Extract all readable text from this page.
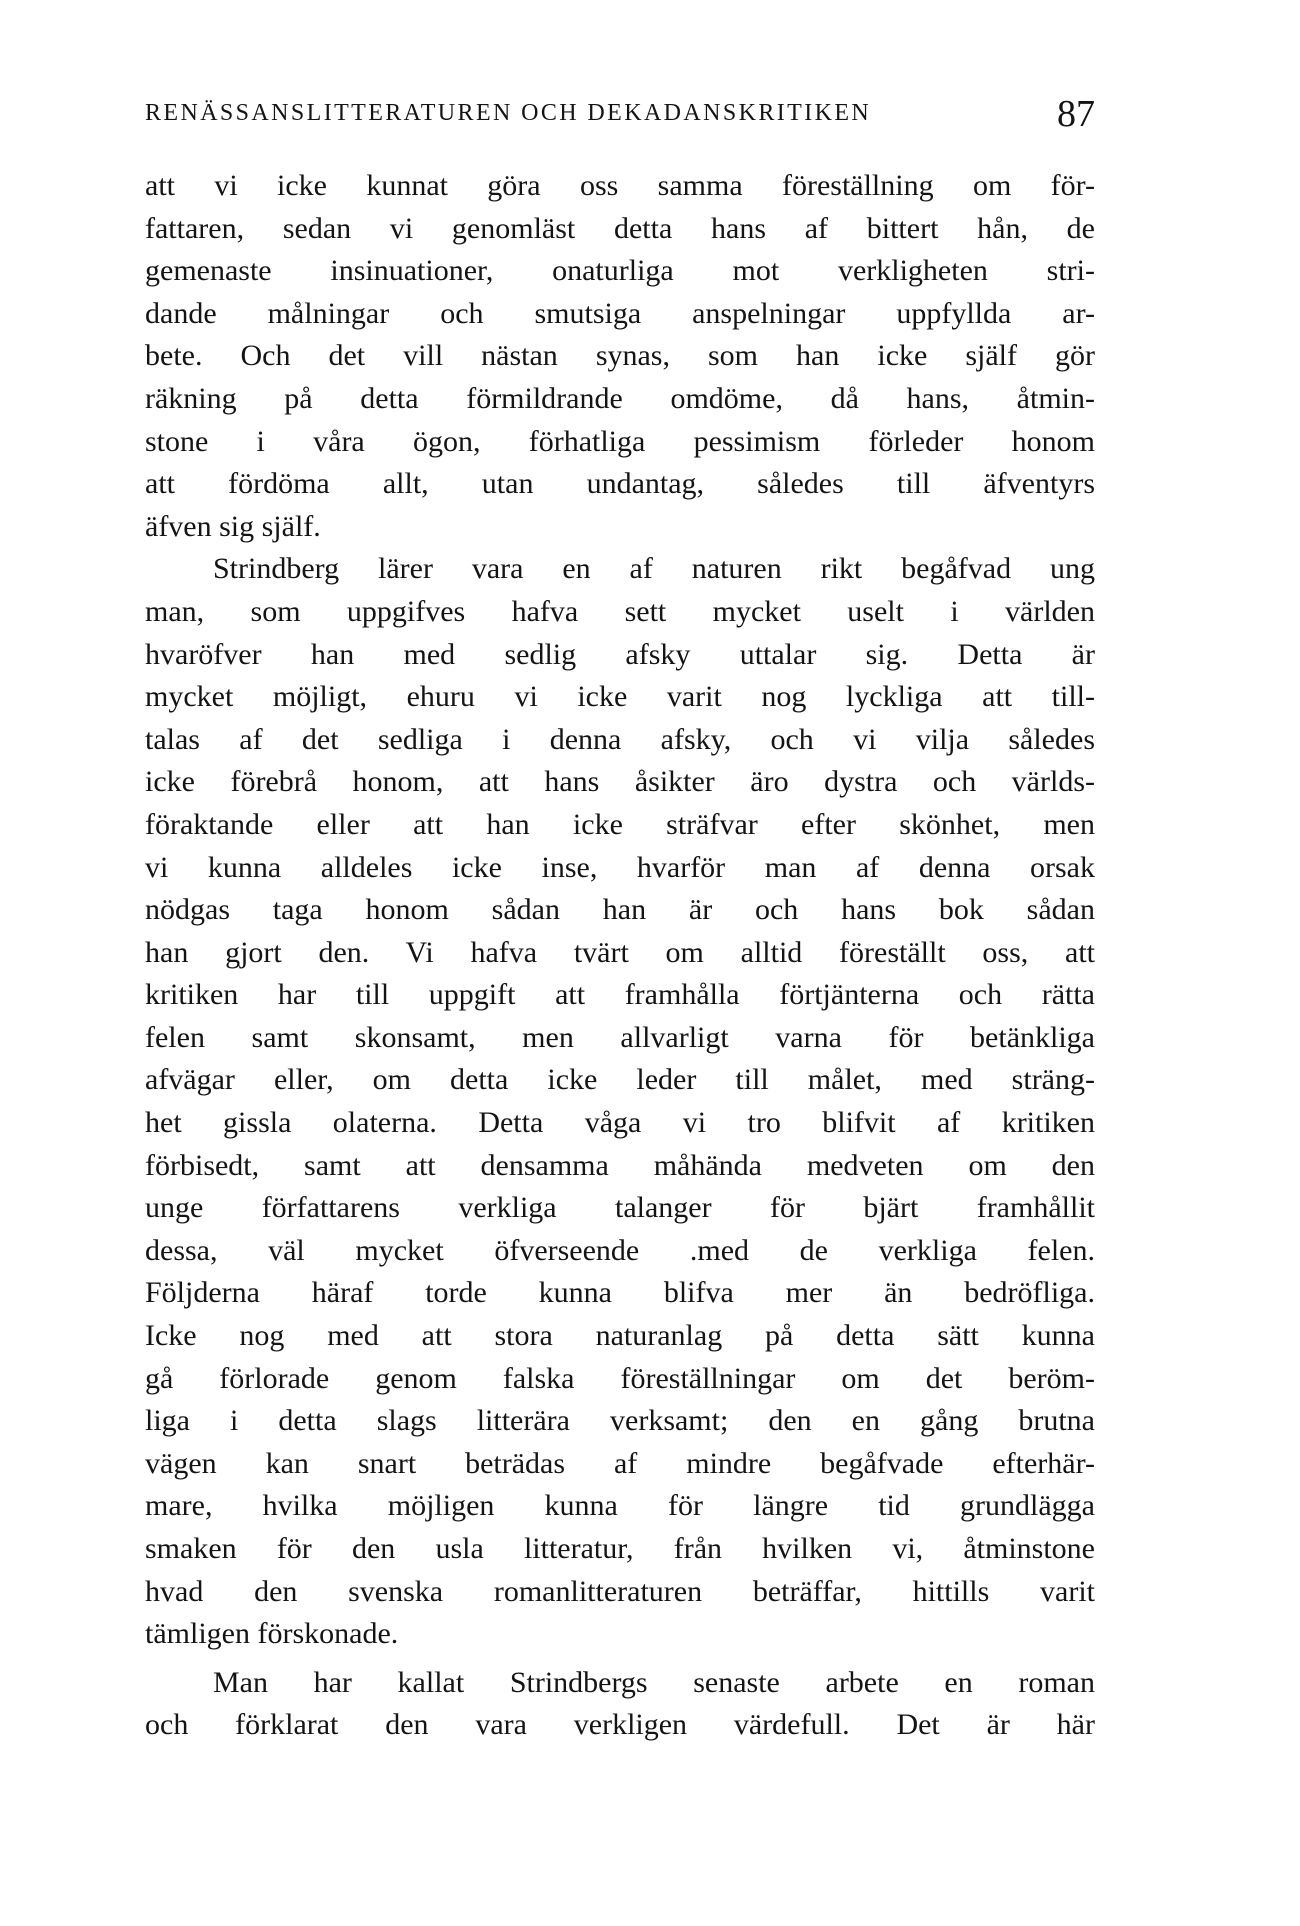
RENÄSSANSLITTERATUREN OCH DEKADANSKRITIKEN	87
att vi icke kunnat göra oss samma föreställning om för-
fattaren, sedan vi genomläst detta hans af bittert hån, de
gemenaste insinuationer, onaturliga mot verkligheten stri-
dande målningar och smutsiga anspelningar uppfyllda ar-
bete. Och det vill nästan synas, som han icke själf gör
räkning på detta förmildrande omdöme, då hans, åtmin-
stone i våra ögon, förhatliga pessimism förleder honom
att fördöma allt, utan undantag, således till äfventyrs
äfven sig själf.
Strindberg lärer vara en af naturen rikt begåfvad ung
man, som uppgifves hafva sett mycket uselt i världen
hvaröfver han med sedlig afsky uttalar sig. Detta är
mycket möjligt, ehuru vi icke varit nog lyckliga att till-
talas af det sedliga i denna afsky, och vi vilja således
icke förebrå honom, att hans åsikter äro dystra och världs-
föraktande eller att han icke sträfvar efter skönhet, men
vi kunna alldeles icke inse, hvarför man af denna orsak
nödgas taga honom sådan han är och hans bok sådan
han gjort den. Vi hafva tvärt om alltid föreställt oss, att
kritiken har till uppgift att framhålla förtjänterna och rätta
felen samt skonsamt, men allvarligt varna för betänkliga
afvägar eller, om detta icke leder till målet, med sträng-
het gissla olaterna. Detta våga vi tro blifvit af kritiken
förbisedt, samt att densamma måhända medveten om den
unge författarens verkliga talanger för bjärt framhållit
dessa, väl mycket öfverseende .med de verkliga felen.
Följderna häraf torde kunna blifva mer än bedröfliga.
Icke nog med att stora naturanlag på detta sätt kunna
gå förlorade genom falska föreställningar om det beröm-
liga i detta slags litterära verksamt; den en gång brutna
vägen kan snart beträdas af mindre begåfvade efterhär-
mare, hvilka möjligen kunna för längre tid grundlägga
smaken för den usla litteratur, från hvilken vi, åtminstone
hvad den svenska romanlitteraturen beträffar, hittills varit
tämligen förskonade.
Man har kallat Strindbergs senaste arbete en roman
och förklarat den vara verkligen värdefull. Det är här
